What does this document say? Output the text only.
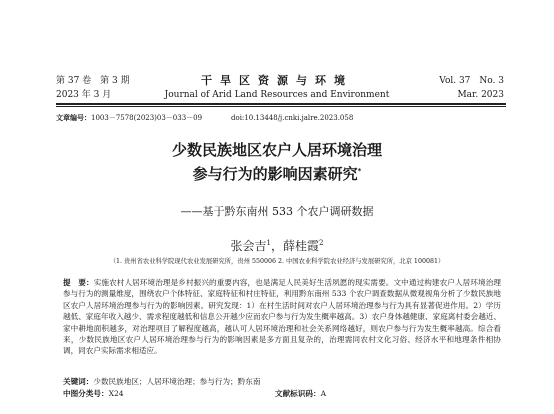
第 37 卷　第 3 期
2023 年 3 月
干旱区资源与环境
Journal of Arid Land Resources and Environment
Vol. 37　No. 3
Mar. 2023
文章编号：1003－7578(2023)03－033－09	doi:10.13448/j.cnki.jalre.2023.058
少数民族地区农户人居环境治理
参与行为的影响因素研究*
——基于黔东南州 533 个农户调研数据
张会吉$^1$，薛桂霞$^2$
（1. 贵州省农业科学院现代农业发展研究所，贵州 550006 2. 中国农业科学院农业经济与发展研究所，北京 100081）
提　要：实施农村人居环境治理是乡村振兴的重要内容，也是满足人民美好生活夙愿的现实需要。文中通过构建农户人居环境治理参与行为的测量维度，围绕农户个体特征、家庭特征和村庄特征，利用黔东南州 533 个农户调查数据从微观视角分析了少数民族地区农户人居环境治理参与行为的影响因素。研究发现：1）在村生活时间对农户人居环境治理参与行为具有显著促进作用。2）学历越低、家庭年收入越少、需求程度越低和信息公开越少应而农户参与行为发生概率越高。3）农户身体越健康、家庭离村委会越近、家中耕地面积越多，对治理项目了解程度越高，越认可人居环境治理和社会关系网络越好，则农户参与行为发生概率越高。综合看来，少数民族地区农户人居环境治理参与行为的影响因素是多方面且复杂的，治理需同农村文化习俗、经济水平和地理条件相协调，同农户实际需求相适应。
关键词：少数民族地区；人居环境治理；参与行为；黔东南
中图分类号：X24	文献标识码：A
